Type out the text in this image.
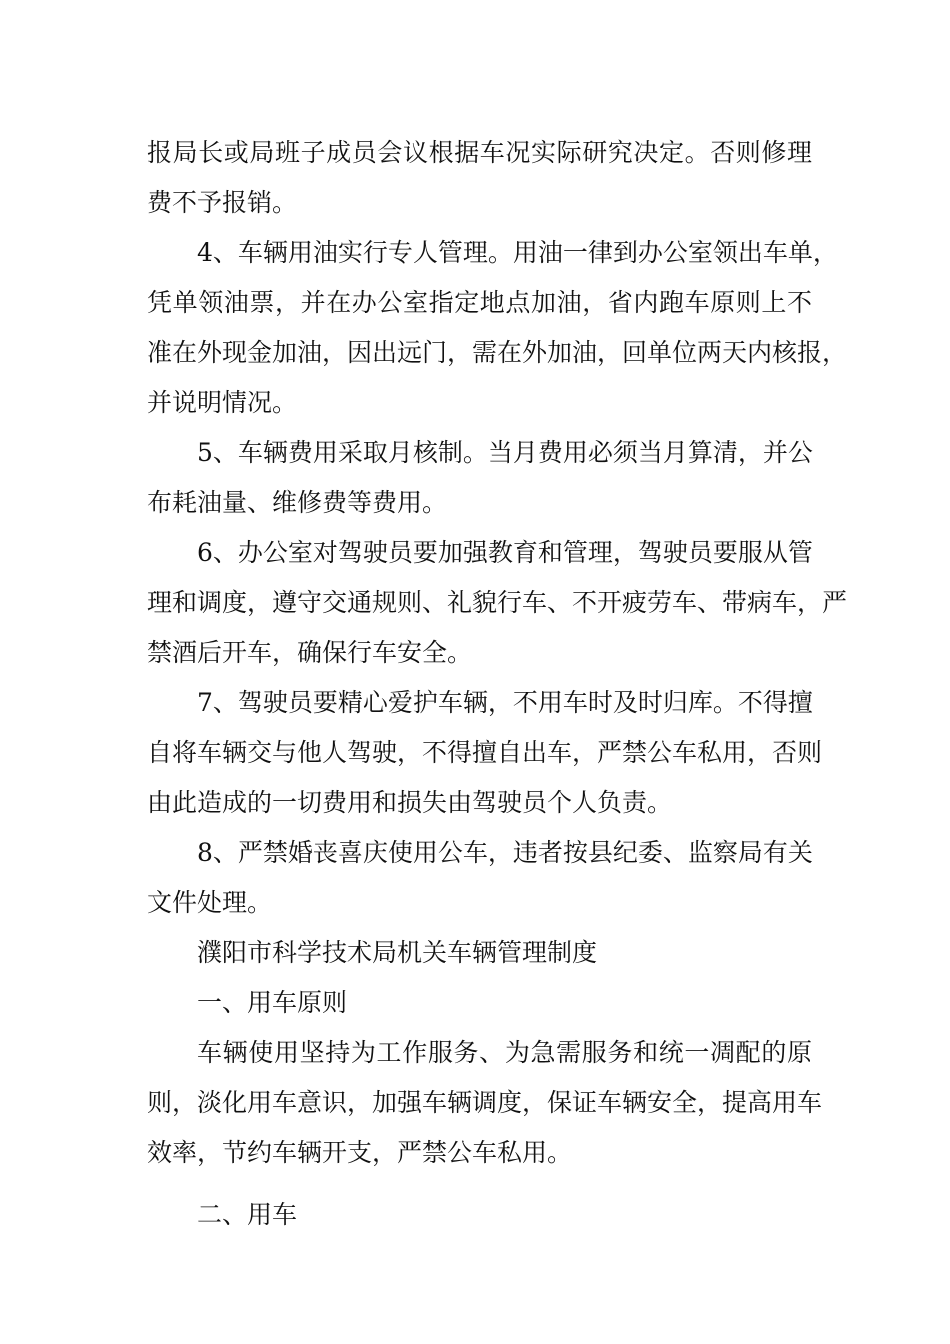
报局长或局班子成员会议根据车况实际研究决定。否则修理
费不予报销。
4、车辆用油实行专人管理。用油一律到办公室领出车单，
凭单领油票，并在办公室指定地点加油，省内跑车原则上不
准在外现金加油，因出远门，需在外加油，回单位两天内核报，
并说明情况。
5、车辆费用采取月核制。当月费用必须当月算清，并公
布耗油量、维修费等费用。
6、办公室对驾驶员要加强教育和管理，驾驶员要服从管
理和调度，遵守交通规则、礼貌行车、不开疲劳车、带病车，严
禁酒后开车，确保行车安全。
7、驾驶员要精心爱护车辆，不用车时及时归库。不得擅
自将车辆交与他人驾驶，不得擅自出车，严禁公车私用，否则
由此造成的一切费用和损失由驾驶员个人负责。
8、严禁婚丧喜庆使用公车，违者按县纪委、监察局有关
文件处理。
濮阳市科学技术局机关车辆管理制度
一、用车原则
车辆使用坚持为工作服务、为急需服务和统一凋配的原
则，淡化用车意识，加强车辆调度，保证车辆安全，提高用车
效率，节约车辆开支，严禁公车私用。
二、用车
